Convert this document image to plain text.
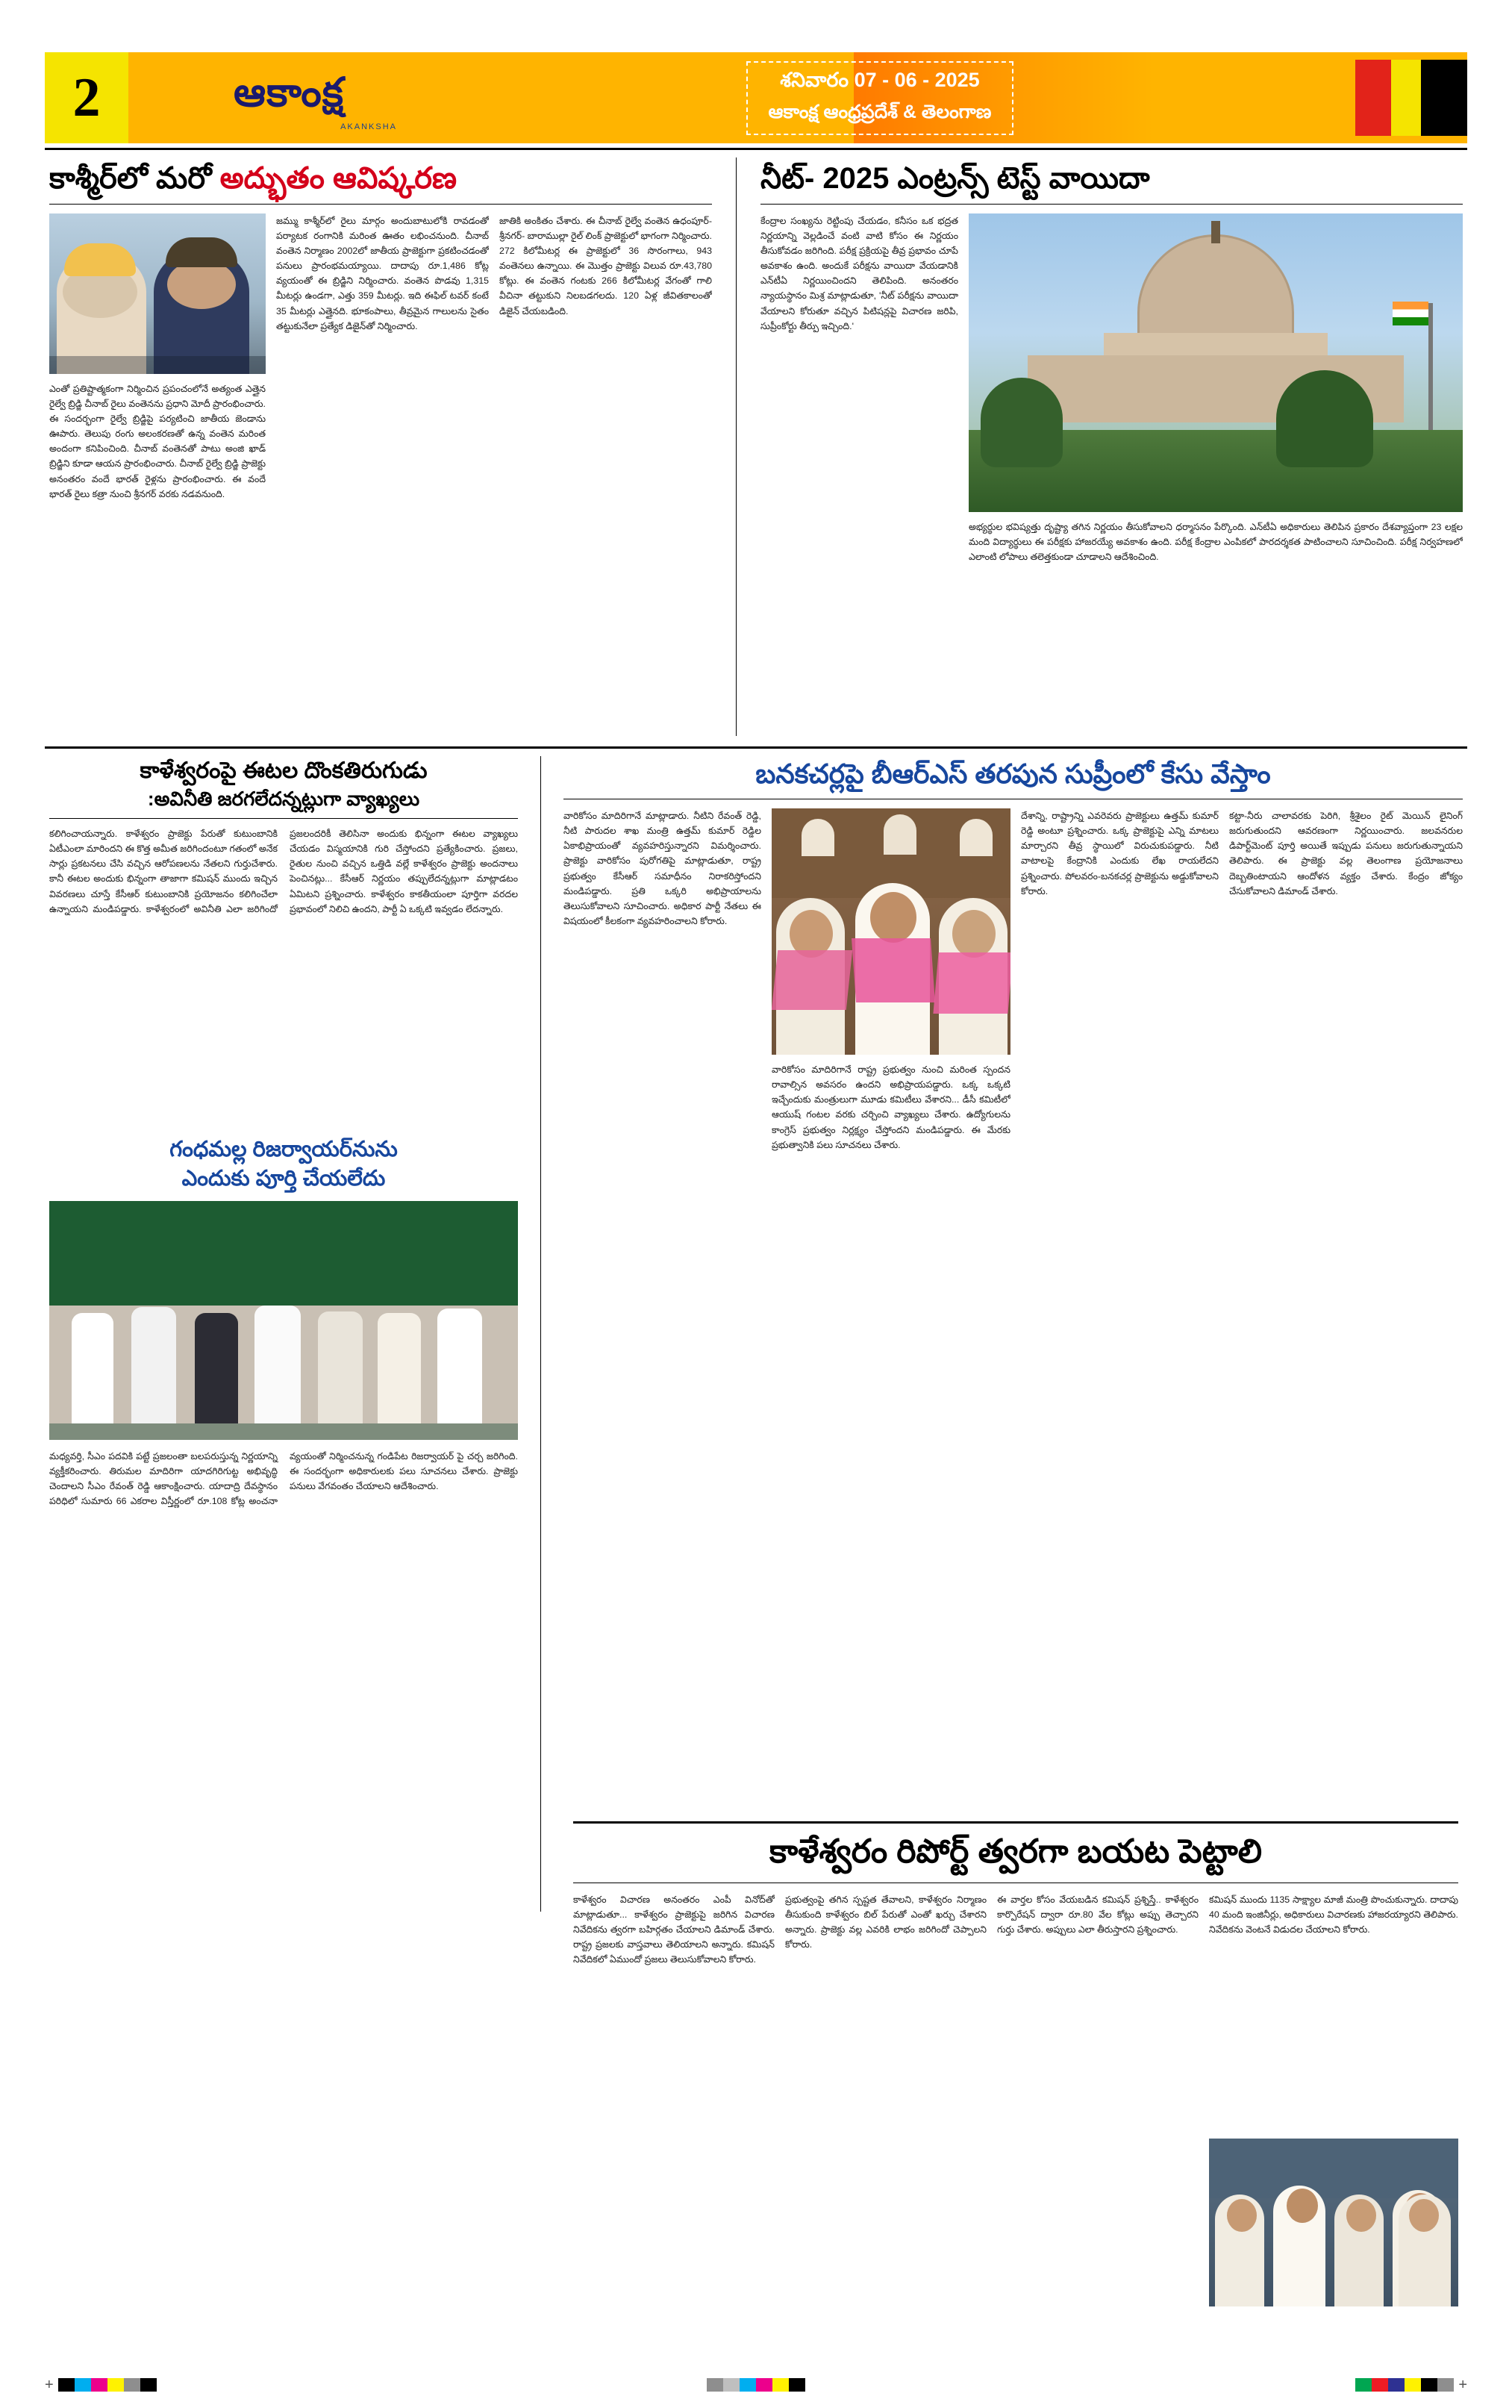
2	ఆకాంక్ష
AKANKSHA
శనివారం 07 - 06 - 2025
ఆకాంక్ష ఆంధ్రప్రదేశ్ & తెలంగాణ
కాశ్మీర్‌లో మరో అద్భుతం ఆవిష్కరణ
ఎంతో ప్రతిష్టాత్మకంగా నిర్మించిన ప్రపంచంలోనే అత్యంత ఎత్తైన రైల్వే బ్రిడ్జి చీనాబ్ రైలు వంతెనను ప్రధాని మోదీ ప్రారంభించారు. ఈ సందర్భంగా రైల్వే బ్రిడ్జిపై పర్యటించి జాతీయ జెండాను ఊపారు. తెలుపు రంగు అలంకరణతో ఉన్న వంతెన మరింత అందంగా కనిపించింది. చీనాబ్ వంతెనతో పాటు అంజి ఖాడ్ బ్రిడ్జిని కూడా ఆయన ప్రారంభించారు. చీనాబ్ రైల్వే బ్రిడ్జి ప్రాజెక్టు అనంతరం వందే భారత్ రైళ్లను ప్రారంభించారు. ఈ వందే భారత్ రైలు కత్రా నుంచి శ్రీనగర్ వరకు నడవనుంది.
జమ్ము కాశ్మీర్‌లో రైలు మార్గం అందుబాటులోకి రావడంతో పర్యాటక రంగానికి మరింత ఊతం లభించనుంది. చీనాబ్ వంతెన నిర్మాణం 2002లో జాతీయ ప్రాజెక్టుగా ప్రకటించడంతో పనులు ప్రారంభమయ్యాయి. దాదాపు రూ.1,486 కోట్ల వ్యయంతో ఈ బ్రిడ్జిని నిర్మించారు. వంతెన పొడవు 1,315 మీటర్లు ఉండగా, ఎత్తు 359 మీటర్లు. ఇది ఈఫిల్ టవర్ కంటే 35 మీటర్లు ఎత్తైనది. భూకంపాలు, తీవ్రమైన గాలులను సైతం తట్టుకునేలా ప్రత్యేక డిజైన్‌తో నిర్మించారు.
జాతికి అంకితం చేశారు. ఈ చీనాబ్ రైల్వే వంతెన ఉధంపూర్- శ్రీనగర్- బారాముల్లా రైల్ లింక్ ప్రాజెక్టులో భాగంగా నిర్మించారు. 272 కిలోమీటర్ల ఈ ప్రాజెక్టులో 36 సొరంగాలు, 943 వంతెనలు ఉన్నాయి. ఈ మొత్తం ప్రాజెక్టు విలువ రూ.43,780 కోట్లు. ఈ వంతెన గంటకు 266 కిలోమీటర్ల వేగంతో గాలి వీచినా తట్టుకుని నిలబడగలదు. 120 ఏళ్ల జీవితకాలంతో డిజైన్ చేయబడింది.
నీట్- 2025 ఎంట్రన్స్ టెస్ట్ వాయిదా
కేంద్రాల సంఖ్యను రెట్టింపు చేయడం, కనీసం ఒక భద్రత నిర్ణయాన్ని వెల్లడించే వంటి వాటి కోసం ఈ నిర్ణయం తీసుకోవడం జరిగింది. పరీక్ష ప్రక్రియపై తీవ్ర ప్రభావం చూపే అవకాశం ఉంది. అందుకే పరీక్షను వాయిదా వేయడానికి ఎన్‌టీఏ నిర్ణయించిందని తెలిపింది. అనంతరం న్యాయస్థానం మిశ్ర మాట్లాడుతూ, 'నీట్ పరీక్షను వాయిదా వేయాలని కోరుతూ వచ్చిన పిటిషన్లపై విచారణ జరిపి, సుప్రీంకోర్టు తీర్పు ఇచ్చింది.'
అభ్యర్థుల భవిష్యత్తు దృష్ట్యా తగిన నిర్ణయం తీసుకోవాలని ధర్మాసనం పేర్కొంది. ఎన్‌టీఏ అధికారులు తెలిపిన ప్రకారం దేశవ్యాప్తంగా 23 లక్షల మంది విద్యార్థులు ఈ పరీక్షకు హాజరయ్యే అవకాశం ఉంది. పరీక్ష కేంద్రాల ఎంపికలో పారదర్శకత పాటించాలని సూచించింది. పరీక్ష నిర్వహణలో ఎలాంటి లోపాలు తలెత్తకుండా చూడాలని ఆదేశించింది.
కాళేశ్వరంపై ఈటల దొంకతిరుగుడు
:అవినీతి జరగలేదన్నట్లుగా వ్యాఖ్యలు
కలిగించాయన్నారు. కాళేశ్వరం ప్రాజెక్టు పేరుతో కుటుంబానికి ఏటీఎంలా మారిందని ఈ కొత్త అమీత జరిగిందంటూ గతంలో అనేక సార్లు ప్రకటనలు చేసి వచ్చిన ఆరోపణలను నేతలని గుర్తుచేశారు. కానీ ఈటల అందుకు భిన్నంగా తాజాగా కమిషన్ ముందు ఇచ్చిన వివరణలు చూస్తే కేసీఆర్ కుటుంబానికి ప్రయోజనం కలిగించేలా ఉన్నాయని మండిపడ్డారు. కాళేశ్వరంలో అవినీతి ఎలా జరిగిందో ప్రజలందరికీ తెలిసినా అందుకు భిన్నంగా ఈటల వ్యాఖ్యలు చేయడం విస్మయానికి గురి చేస్తోందని ప్రత్యేకించారు. ప్రజలు, రైతుల నుంచి వచ్చిన ఒత్తిడి వల్లే కాళేశ్వరం ప్రాజెక్టు అందనాలు పెంచినట్లు... కేసీఆర్ నిర్ణయం తప్పులేదన్నట్లుగా మాట్లాడటం ఏమిటని ప్రశ్నించారు. కాళేశ్వరం కాకతీయంలా పూర్తిగా వరదల ప్రభావంలో నిలిచి ఉందని, పార్టీ ఏ ఒక్కటి ఇవ్వడం లేదన్నారు.
గంధమల్ల రిజర్వాయర్‌నును
ఎందుకు పూర్తి చేయలేదు
మధ్యవర్తి, సీఎం పదవికి పట్టే ప్రజలంతా బలపరుస్తున్న నిర్ణయాన్ని వ్యక్తీకరించారు. తిరుమల మాదిరిగా యాదగిరిగుట్ట అభివృద్ధి చెందాలని సీఎం రేవంత్ రెడ్డి ఆకాంక్షించారు. యాదాద్రి దేవస్థానం పరిధిలో సుమారు 66 ఎకరాల విస్తీర్ణంలో రూ.108 కోట్ల అంచనా వ్యయంతో నిర్మించనున్న గండిపేట రిజర్వాయర్ పై చర్చ జరిగింది. ఈ సందర్భంగా అధికారులకు పలు సూచనలు చేశారు. ప్రాజెక్టు పనులు వేగవంతం చేయాలని ఆదేశించారు.
బనకచర్లపై బీఆర్ఎస్ తరపున సుప్రీంలో కేసు వేస్తాం
వారికోసం మాదిరిగానే మాట్లాడారు. నీటిని రేవంత్ రెడ్డి, నీటి పారుదల శాఖ మంత్రి ఉత్తమ్ కుమార్ రెడ్డిల ఏకాభిప్రాయంతో వ్యవహరిస్తున్నారని విమర్శించారు. ప్రాజెక్టు వారికోసం పురోగతిపై మాట్లాడుతూ, రాష్ట్ర ప్రభుత్వం కేసీఆర్ సమాధీనం నిరాకరిస్తోందని మండిపడ్డారు. ప్రతి ఒక్కరి అభిప్రాయాలను తెలుసుకోవాలని సూచించారు. అధికార పార్టీ నేతలు ఈ విషయంలో కీలకంగా వ్యవహరించాలని కోరారు.
వారికోసం మాదిరిగానే రాష్ట్ర ప్రభుత్వం నుంచి మరింత స్పందన రావాల్సిన అవసరం ఉందని అభిప్రాయపడ్డారు. ఒక్క ఒక్కటి ఇచ్చేందుకు మంత్రులుగా మూడు కమిటీలు వేశారని... డీసీ కమిటీలో ఆయుష్ గంటల వరకు చర్చించి వ్యాఖ్యలు చేశారు. ఉద్యోగులను కాంగ్రెస్ ప్రభుత్వం నిర్లక్ష్యం చేస్తోందని మండిపడ్డారు. ఈ మేరకు ప్రభుత్వానికి పలు సూచనలు చేశారు.
దేశాన్ని, రాష్ట్రాన్ని ఎవరెవరు ప్రాజెక్టులు ఉత్తమ్ కుమార్ రెడ్డి అంటూ ప్రశ్నించారు. ఒక్క ప్రాజెక్టుపై ఎన్ని మాటలు మార్చారని తీవ్ర స్థాయిలో విరుచుకుపడ్డారు. నీటి వాటాలపై కేంద్రానికి ఎందుకు లేఖ రాయలేదని ప్రశ్నించారు. పోలవరం-బనకచర్ల ప్రాజెక్టును అడ్డుకోవాలని కోరారు.
కట్టా-నీరు చాలావరకు పెరిగి, శ్రీశైలం రైట్ మెయిన్ లైనింగ్ జరుగుతుందని ఆవరణంగా నిర్ణయించారు. జలవనరుల డిపార్ట్‌మెంట్ పూర్తి అయితే ఇప్పుడు పనులు జరుగుతున్నాయని తెలిపారు. ఈ ప్రాజెక్టు వల్ల తెలంగాణ ప్రయోజనాలు దెబ్బతింటాయని ఆందోళన వ్యక్తం చేశారు. కేంద్రం జోక్యం చేసుకోవాలని డిమాండ్ చేశారు.
కాళేశ్వరం రిపోర్ట్ త్వరగా బయట పెట్టాలి
కాళేశ్వరం విచారణ అనంతరం ఎంపీ వినోద్‌తో మాట్లాడుతూ... కాళేశ్వరం ప్రాజెక్టుపై జరిగిన విచారణ నివేదికను త్వరగా బహిర్గతం చేయాలని డిమాండ్ చేశారు. రాష్ట్ర ప్రజలకు వాస్తవాలు తెలియాలని అన్నారు. కమిషన్ నివేదికలో ఏముందో ప్రజలు తెలుసుకోవాలని కోరారు.
ప్రభుత్వంపై తగిన స్పష్టత తేవాలని, కాళేశ్వరం నిర్మాణం తీసుకుంది కాళేశ్వరం బిల్ పేరుతో ఎంతో ఖర్చు చేశారని అన్నారు. ప్రాజెక్టు వల్ల ఎవరికి లాభం జరిగిందో చెప్పాలని కోరారు.
ఈ వార్తల కోసం వేయబడిన కమిషన్ ప్రశ్నిస్తే.. కాళేశ్వరం కార్పొరేషన్ ద్వారా రూ.80 వేల కోట్లు అప్పు తెచ్చారని గుర్తు చేశారు. అప్పులు ఎలా తీరుస్తారని ప్రశ్నించారు.
కమిషన్ ముందు 1135 సాక్ష్యాల మాజీ మంత్రి పొంచుకున్నారు. దాదాపు 40 మంది ఇంజినీర్లు, అధికారులు విచారణకు హాజరయ్యారని తెలిపారు. నివేదికను వెంటనే విడుదల చేయాలని కోరారు.
+	+
